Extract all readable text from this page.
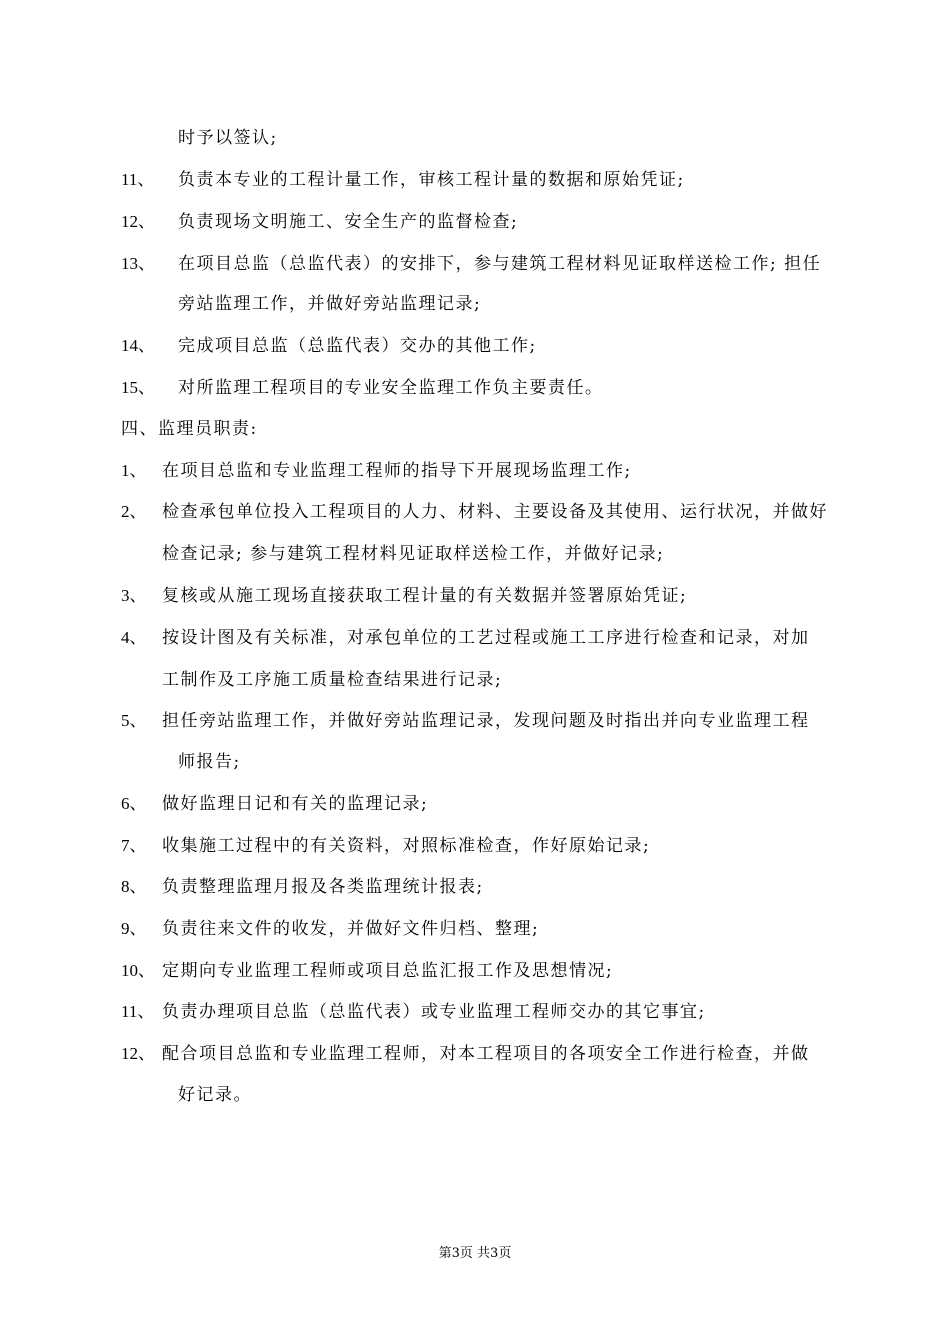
时予以签认;
11、 负责本专业的工程计量工作，审核工程计量的数据和原始凭证;
12、 负责现场文明施工、安全生产的监督检查;
13、 在项目总监（总监代表）的安排下，参与建筑工程材料见证取样送检工作; 担任
旁站监理工作，并做好旁站监理记录;
14、 完成项目总监（总监代表）交办的其他工作;
15、 对所监理工程项目的专业安全监理工作负主要责任。
四、监理员职责:
1、 在项目总监和专业监理工程师的指导下开展现场监理工作;
2、 检查承包单位投入工程项目的人力、材料、主要设备及其使用、运行状况，并做好
检查记录; 参与建筑工程材料见证取样送检工作，并做好记录;
3、 复核或从施工现场直接获取工程计量的有关数据并签署原始凭证;
4、 按设计图及有关标准，对承包单位的工艺过程或施工工序进行检查和记录，对加
工制作及工序施工质量检查结果进行记录;
5、 担任旁站监理工作，并做好旁站监理记录，发现问题及时指出并向专业监理工程
师报告;
6、 做好监理日记和有关的监理记录;
7、 收集施工过程中的有关资料，对照标准检查，作好原始记录;
8、 负责整理监理月报及各类监理统计报表;
9、 负责往来文件的收发，并做好文件归档、整理;
10、 定期向专业监理工程师或项目总监汇报工作及思想情况;
11、 负责办理项目总监（总监代表）或专业监理工程师交办的其它事宜;
12、 配合项目总监和专业监理工程师，对本工程项目的各项安全工作进行检查，并做
好记录。
第3页 共3页
